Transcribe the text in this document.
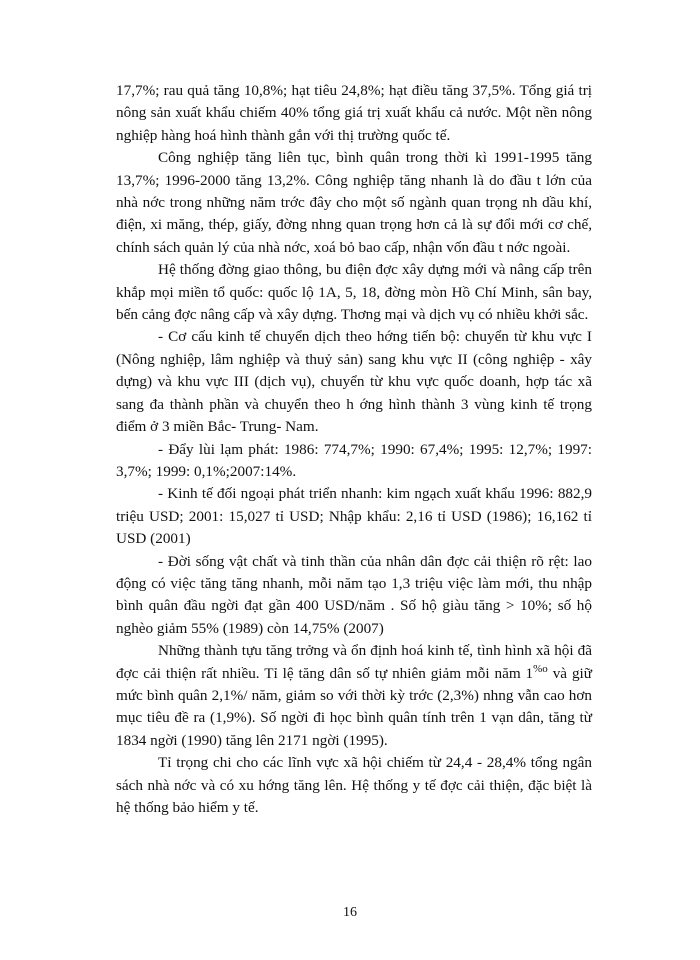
17,7%; rau quả tăng 10,8%; hạt tiêu 24,8%; hạt điều tăng 37,5%. Tổng giá trị nông sản xuất khẩu chiếm 40% tổng giá trị xuất khẩu cả nước. Một nền nông nghiệp hàng hoá hình thành gắn với thị trường quốc tế.

Công nghiệp tăng liên tục, bình quân trong thời kì 1991-1995 tăng 13,7%; 1996-2000 tăng 13,2%. Công nghiệp tăng nhanh là do đầu t lớn của nhà nớc trong những năm trớc đây cho một số ngành quan trọng nh dầu khí, điện, xi măng, thép, giấy, đờng nhng quan trọng hơn cả là sự đổi mới cơ chế, chính sách quản lý của nhà nớc, xoá bỏ bao cấp, nhận vốn đầu t nớc ngoài.

Hệ thống đờng giao thông, bu điện đợc xây dựng mới và nâng cấp trên khắp mọi miền tổ quốc: quốc lộ 1A, 5, 18, đờng mòn Hồ Chí Minh, sân bay, bến cảng đợc nâng cấp và xây dựng. Thơng mại và dịch vụ có nhiều khởi sắc.

- Cơ cấu kinh tế chuyển dịch theo hớng tiến bộ: chuyển từ khu vực I (Nông nghiệp, lâm nghiệp và thuỷ sản) sang khu vực II (công nghiệp - xây dựng) và khu vực III (dịch vụ), chuyển từ khu vực quốc doanh, hợp tác xã sang đa thành phần và chuyển theo h ớng hình thành 3 vùng kinh tế trọng điểm ở 3 miền Bắc- Trung- Nam.

- Đẩy lùi lạm phát: 1986: 774,7%; 1990: 67,4%; 1995: 12,7%; 1997: 3,7%; 1999: 0,1%;2007:14%.

- Kinh tế đối ngoại phát triển nhanh: kim ngạch xuất khẩu 1996: 882,9 triệu USD; 2001: 15,027 tỉ USD; Nhập khẩu: 2,16 tỉ USD (1986); 16,162 tỉ USD (2001)

- Đời sống vật chất và tinh thần của nhân dân đợc cải thiện rõ rệt: lao động có việc tăng tăng nhanh, mỗi năm tạo 1,3 triệu việc làm mới, thu nhập bình quân đầu ngời đạt gần 400 USD/năm . Số hộ giàu tăng > 10%; số hộ nghèo giảm 55% (1989) còn 14,75% (2007)

Những thành tựu tăng trởng và ổn định hoá kinh tế, tình hình xã hội đã đợc cải thiện rất nhiều. Tỉ lệ tăng dân số tự nhiên giảm mỗi năm $1^{\%o}$ và giữ mức bình quân 2,1%/ năm, giảm so với thời kỳ trớc (2,3%) nhng vẫn cao hơn mục tiêu đề ra (1,9%). Số ngời đi học bình quân tính trên 1 vạn dân, tăng từ 1834 ngời (1990) tăng lên 2171 ngời (1995).

Tỉ trọng chi cho các lĩnh vực xã hội chiếm từ 24,4 - 28,4% tổng ngân sách nhà nớc và có xu hớng tăng lên. Hệ thống y tế đợc cải thiện, đặc biệt là hệ thống bảo hiểm y tế.

16
